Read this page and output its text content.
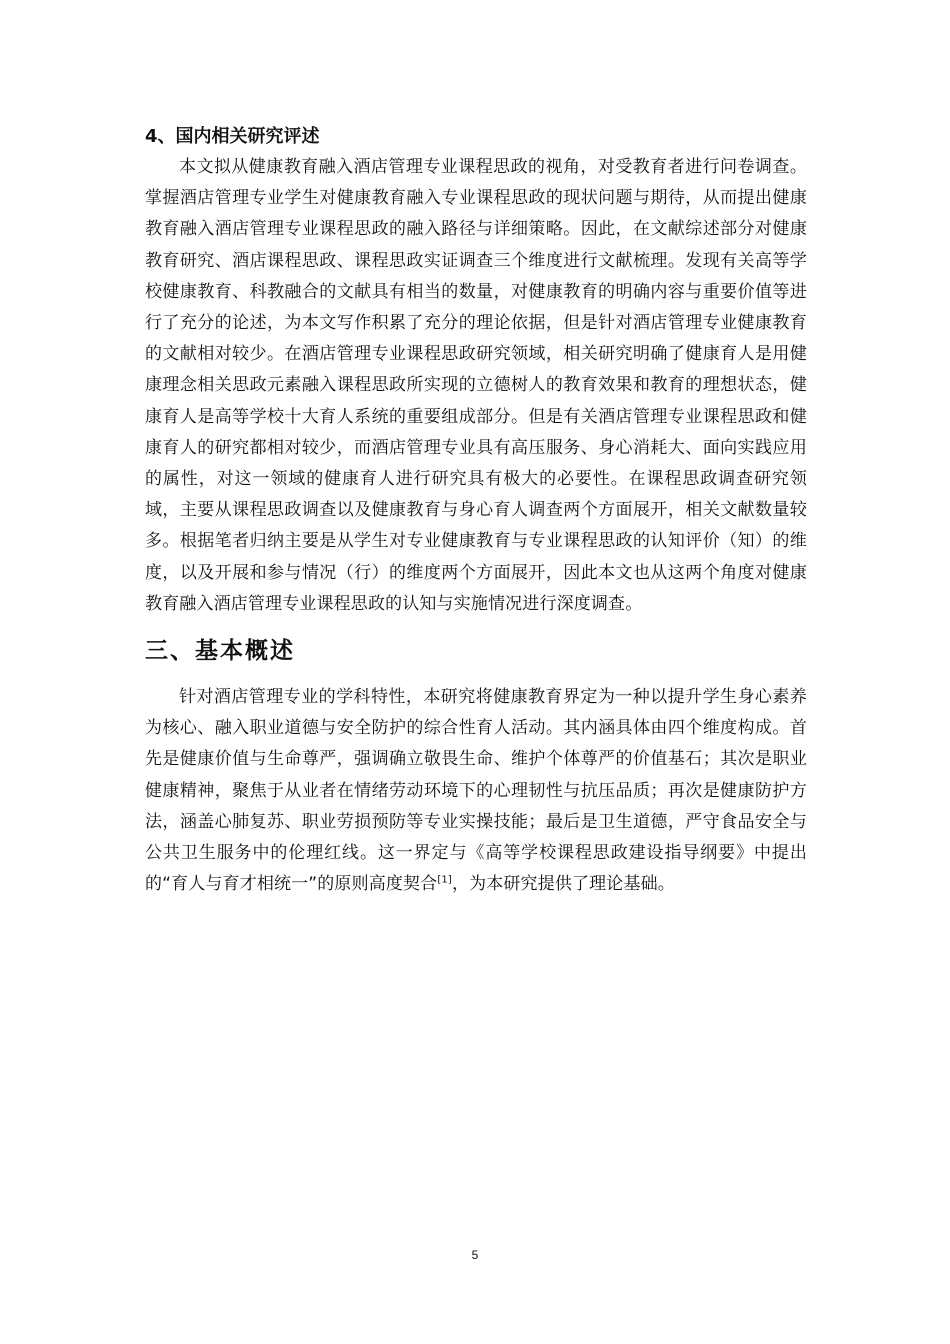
4、国内相关研究评述

本文拟从健康教育融入酒店管理专业课程思政的视角，对受教育者进行问卷调查。掌握酒店管理专业学生对健康教育融入专业课程思政的现状问题与期待，从而提出健康教育融入酒店管理专业课程思政的融入路径与详细策略。因此，在文献综述部分对健康教育研究、酒店课程思政、课程思政实证调查三个维度进行文献梳理。发现有关高等学校健康教育、科教融合的文献具有相当的数量，对健康教育的明确内容与重要价值等进行了充分的论述，为本文写作积累了充分的理论依据，但是针对酒店管理专业健康教育的文献相对较少。在酒店管理专业课程思政研究领域，相关研究明确了健康育人是用健康理念相关思政元素融入课程思政所实现的立德树人的教育效果和教育的理想状态，健康育人是高等学校十大育人系统的重要组成部分。但是有关酒店管理专业课程思政和健康育人的研究都相对较少，而酒店管理专业具有高压服务、身心消耗大、面向实践应用的属性，对这一领域的健康育人进行研究具有极大的必要性。在课程思政调查研究领域，主要从课程思政调查以及健康教育与身心育人调查两个方面展开，相关文献数量较多。根据笔者归纳主要是从学生对专业健康教育与专业课程思政的认知评价（知）的维度，以及开展和参与情况（行）的维度两个方面展开，因此本文也从这两个角度对健康教育融入酒店管理专业课程思政的认知与实施情况进行深度调查。

三、基本概述

针对酒店管理专业的学科特性，本研究将健康教育界定为一种以提升学生身心素养为核心、融入职业道德与安全防护的综合性育人活动。其内涵具体由四个维度构成。首先是健康价值与生命尊严，强调确立敬畏生命、维护个体尊严的价值基石；其次是职业健康精神，聚焦于从业者在情绪劳动环境下的心理韧性与抗压品质；再次是健康防护方法，涵盖心肺复苏、职业劳损预防等专业实操技能；最后是卫生道德，严守食品安全与公共卫生服务中的伦理红线。这一界定与《高等学校课程思政建设指导纲要》中提出的“育人与育才相统一”的原则高度契合[1]，为本研究提供了理论基础。

5
